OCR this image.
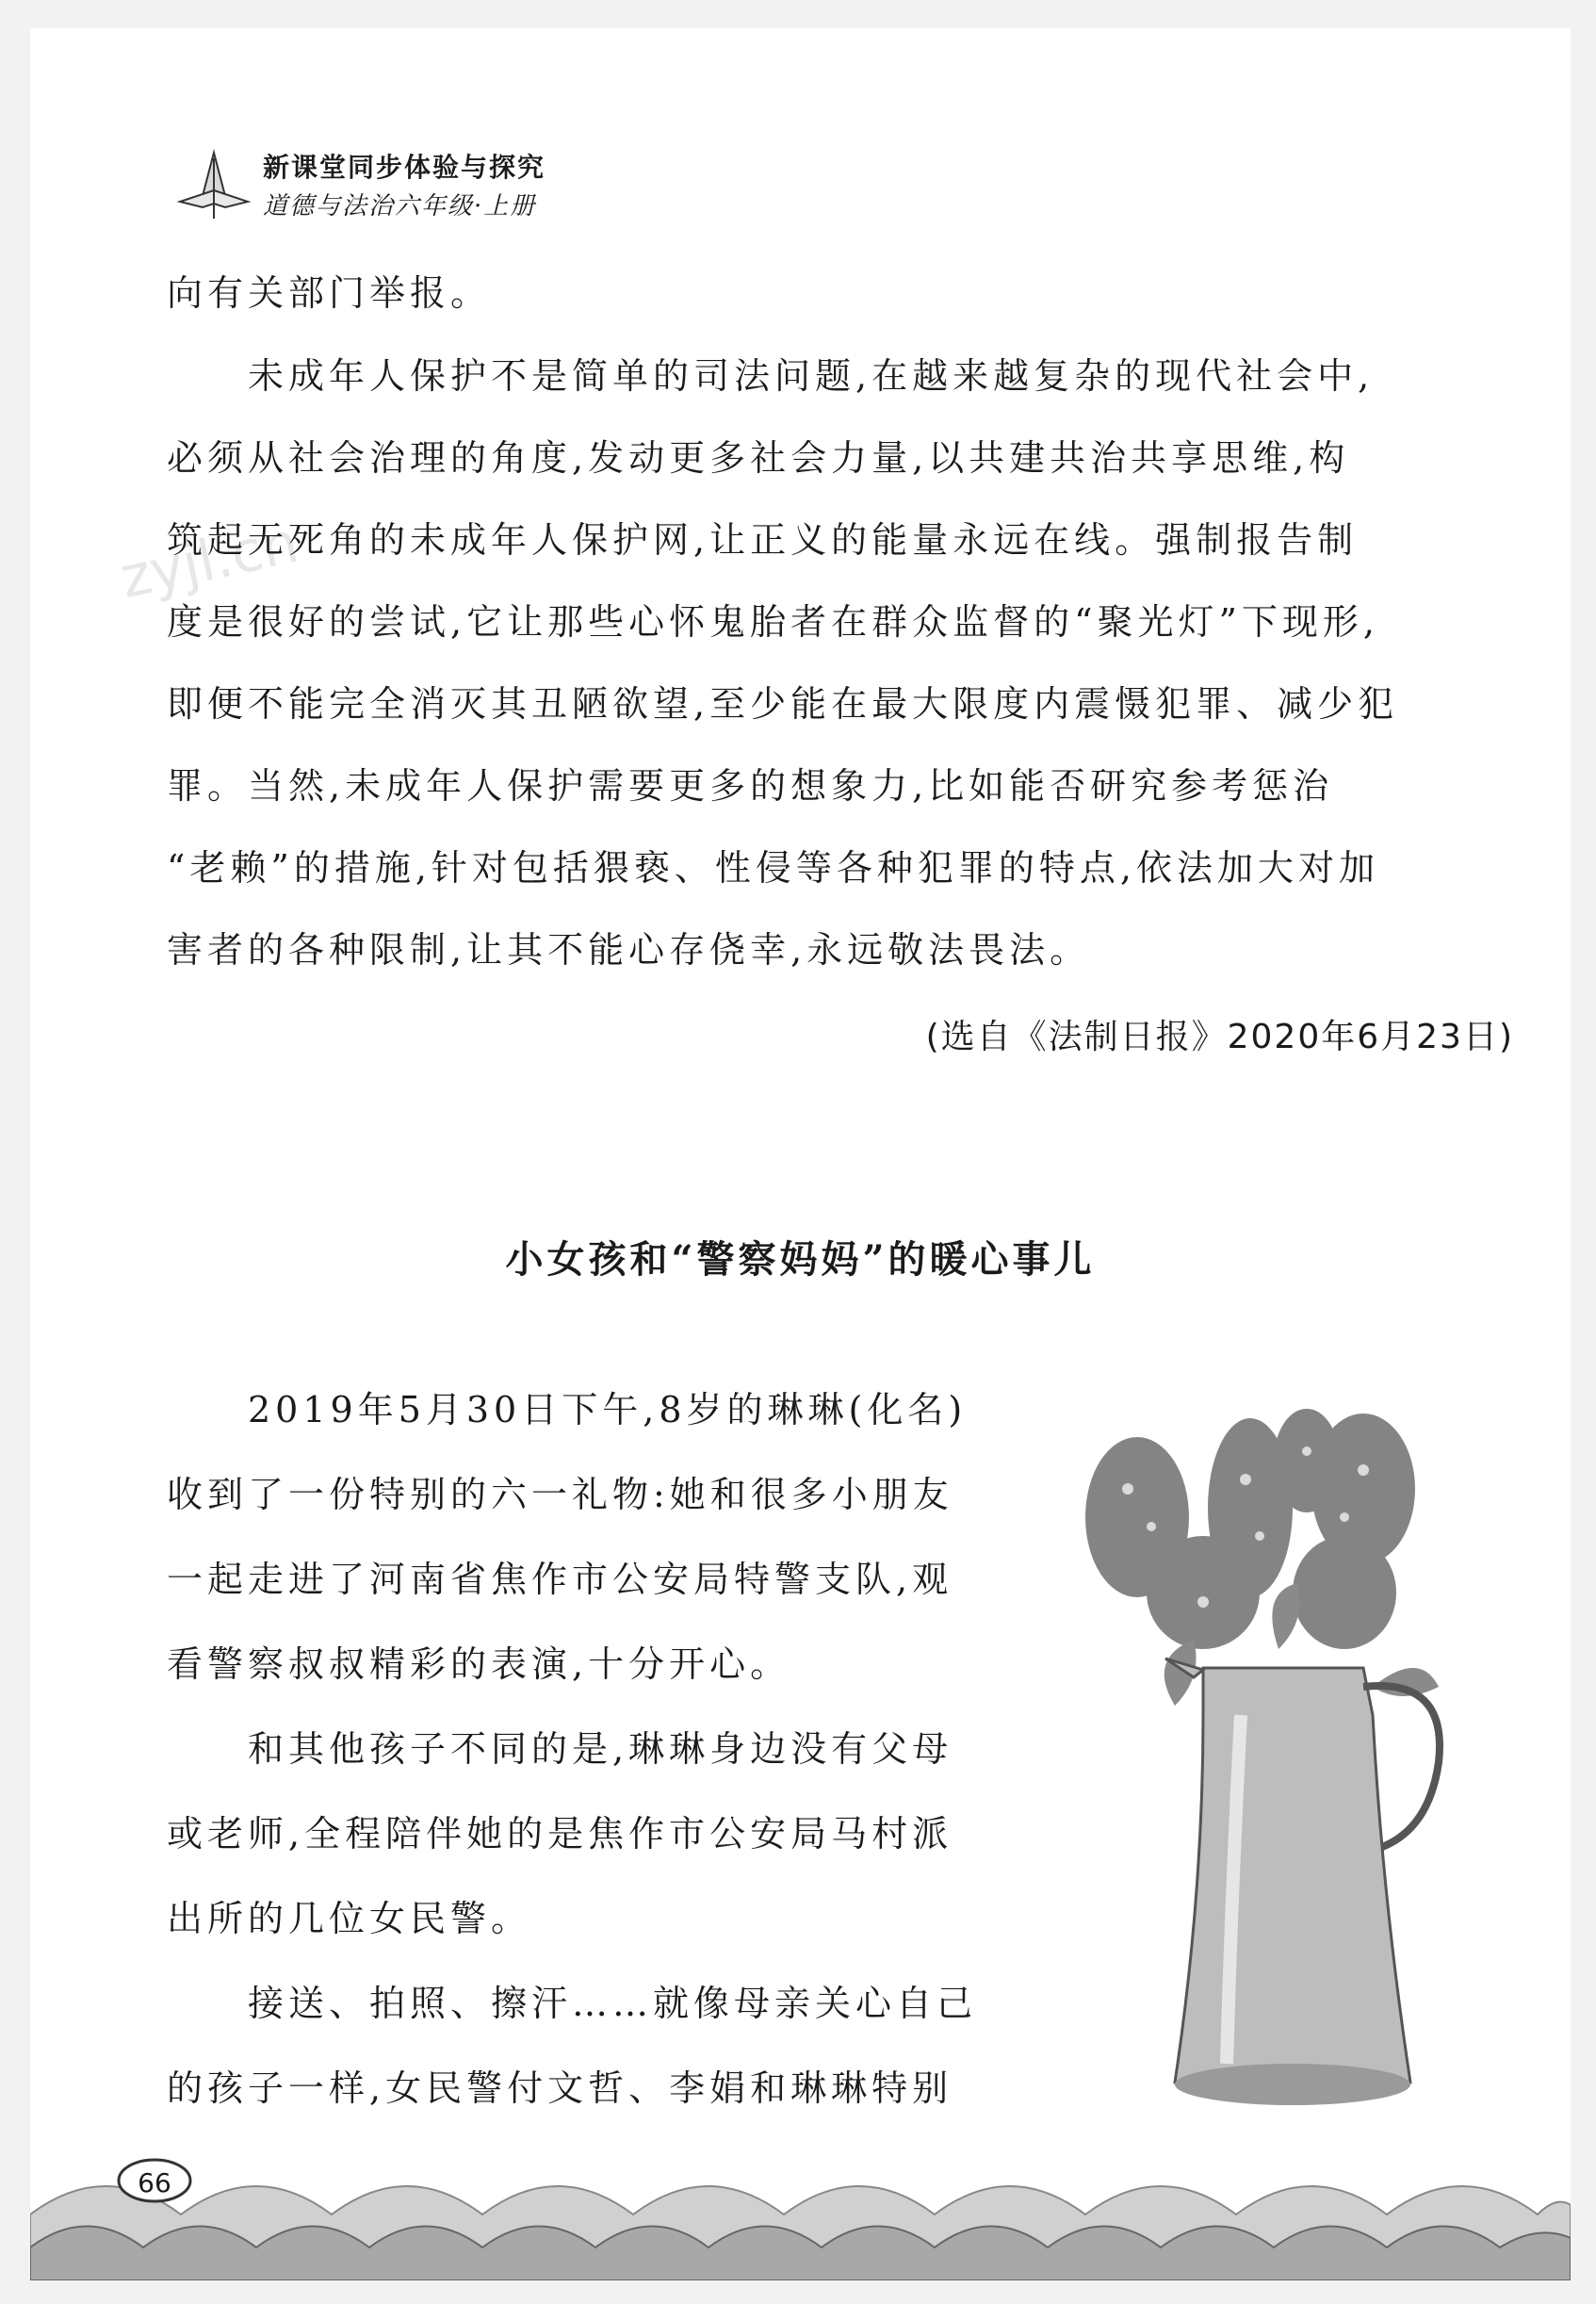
新课堂同步体验与探究
道德与法治六年级·上册
zyjl.cn

向有关部门举报。

　　未成年人保护不是简单的司法问题,在越来越复杂的现代社会中,

必须从社会治理的角度,发动更多社会力量,以共建共治共享思维,构

筑起无死角的未成年人保护网,让正义的能量永远在线。强制报告制

度是很好的尝试,它让那些心怀鬼胎者在群众监督的“聚光灯”下现形,

即便不能完全消灭其丑陋欲望,至少能在最大限度内震慑犯罪、减少犯

罪。当然,未成年人保护需要更多的想象力,比如能否研究参考惩治

“老赖”的措施,针对包括猥亵、性侵等各种犯罪的特点,依法加大对加

害者的各种限制,让其不能心存侥幸,永远敬法畏法。

(选自《法制日报》2020年6月23日)
小女孩和“警察妈妈”的暖心事儿

　　2019年5月30日下午,8岁的琳琳(化名)

收到了一份特别的六一礼物:她和很多小朋友

一起走进了河南省焦作市公安局特警支队,观

看警察叔叔精彩的表演,十分开心。

　　和其他孩子不同的是,琳琳身边没有父母

或老师,全程陪伴她的是焦作市公安局马村派

出所的几位女民警。

　　接送、拍照、擦汗……就像母亲关心自己

的孩子一样,女民警付文哲、李娟和琳琳特别

66
